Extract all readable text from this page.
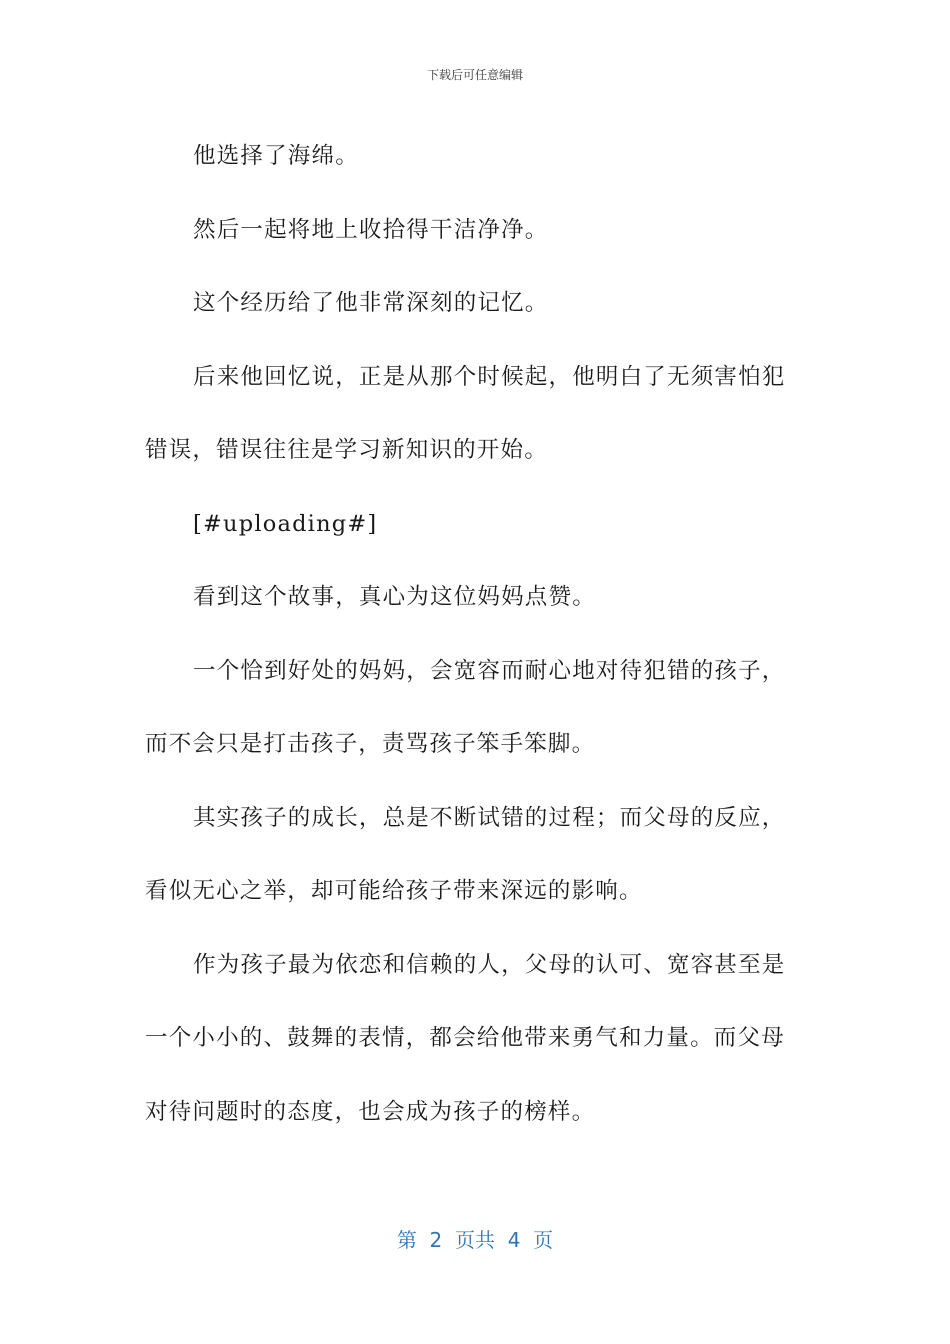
下载后可任意编辑

他选择了海绵。

然后一起将地上收拾得干洁净净。

这个经历给了他非常深刻的记忆。

后来他回忆说，正是从那个时候起，他明白了无须害怕犯错误，错误往往是学习新知识的开始。

[#uploading#]

看到这个故事，真心为这位妈妈点赞。

一个恰到好处的妈妈，会宽容而耐心地对待犯错的孩子，而不会只是打击孩子，责骂孩子笨手笨脚。

其实孩子的成长，总是不断试错的过程；而父母的反应，看似无心之举，却可能给孩子带来深远的影响。

作为孩子最为依恋和信赖的人，父母的认可、宽容甚至是一个小小的、鼓舞的表情，都会给他带来勇气和力量。而父母对待问题时的态度，也会成为孩子的榜样。

第  2  页共  4  页
